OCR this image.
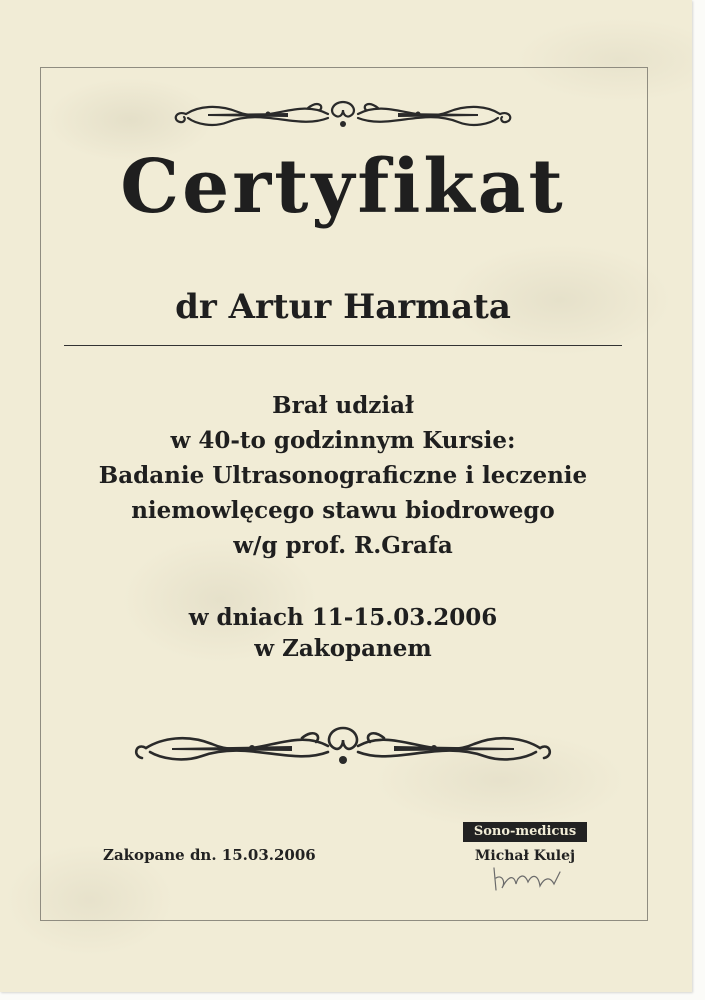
Certyfikat
dr Artur Harmata
Brał udział
w 40-to godzinnym Kursie:
Badanie Ultrasonograficzne i leczenie
niemowlęcego stawu biodrowego
w/g prof. R.Grafa
w dniach 11-15.03.2006
w Zakopanem
Zakopane dn. 15.03.2006
Sono-medicus
Michał Kulej
